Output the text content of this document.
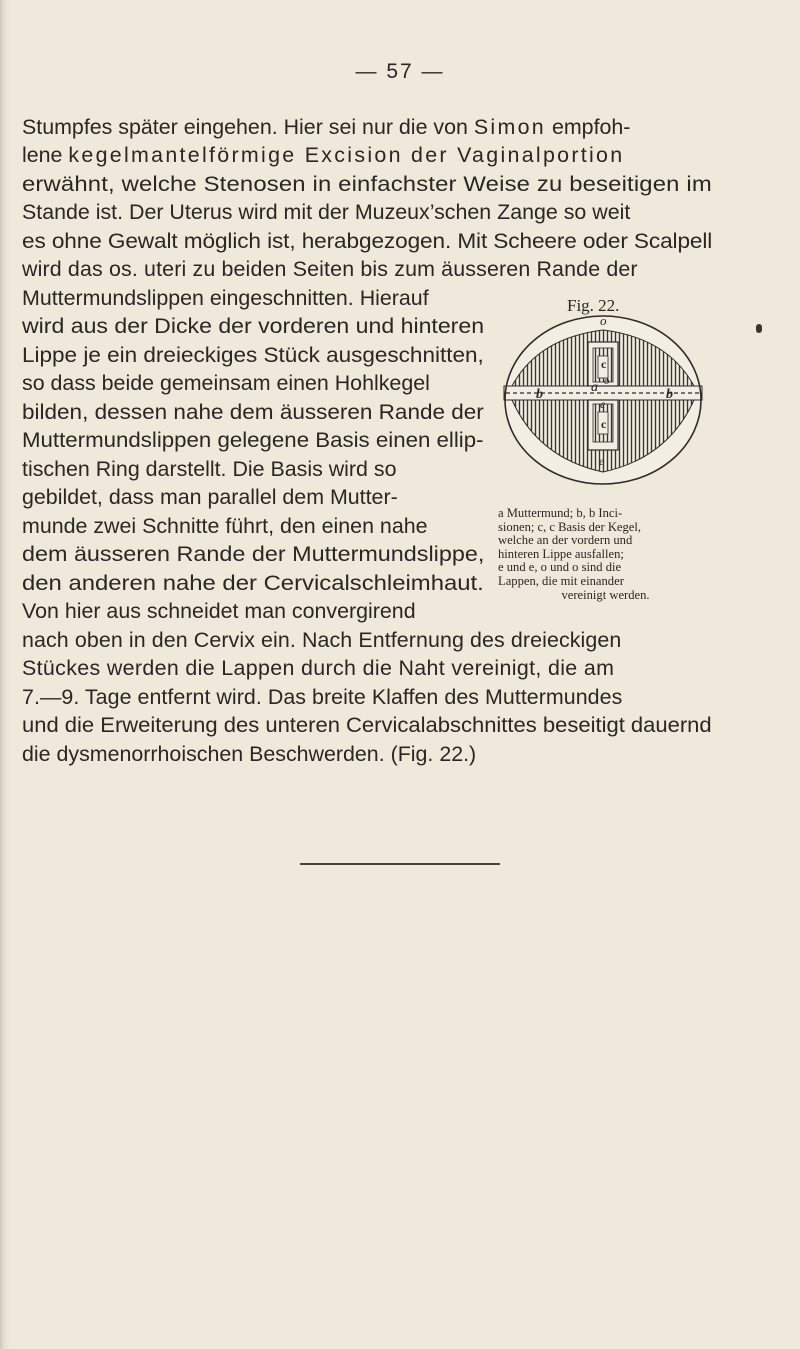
— 57 —
Stumpfes später eingehen. Hier sei nur die von Simon empfoh-
lene kegelmantelförmige Excision der Vaginalportion
erwähnt, welche Stenosen in einfachster Weise zu beseitigen im
Stande ist. Der Uterus wird mit der Muzeux’schen Zange so weit
es ohne Gewalt möglich ist, herabgezogen. Mit Scheere oder Scalpell
wird das os. uteri zu beiden Seiten bis zum äusseren Rande der
Muttermundslippen eingeschnitten. Hierauf
wird aus der Dicke der vorderen und hinteren
Lippe je ein dreieckiges Stück ausgeschnitten,
so dass beide gemeinsam einen Hohlkegel
bilden, dessen nahe dem äusseren Rande der
Muttermundslippen gelegene Basis einen ellip-
tischen Ring darstellt. Die Basis wird so
gebildet, dass man parallel dem Mutter-
munde zwei Schnitte führt, den einen nahe
dem äusseren Rande der Muttermundslippe,
den anderen nahe der Cervicalschleimhaut.
Von hier aus schneidet man convergirend
nach oben in den Cervix ein. Nach Entfernung des dreieckigen
Stückes werden die Lappen durch die Naht vereinigt, die am
7.—9. Tage entfernt wird. Das breite Klaffen des Muttermundes
und die Erweiterung des unteren Cervicalabschnittes beseitigt dauernd
die dysmenorrhoischen Beschwerden. (Fig. 22.)
Fig. 22.
o
c
a o
b	b
e
c
e
a Muttermund; b, b Inci-
sionen; c, c Basis der Kegel,
welche an der vordern und
hinteren Lippe ausfallen;
e und e, o und o sind die
Lappen, die mit einander
vereinigt werden.
